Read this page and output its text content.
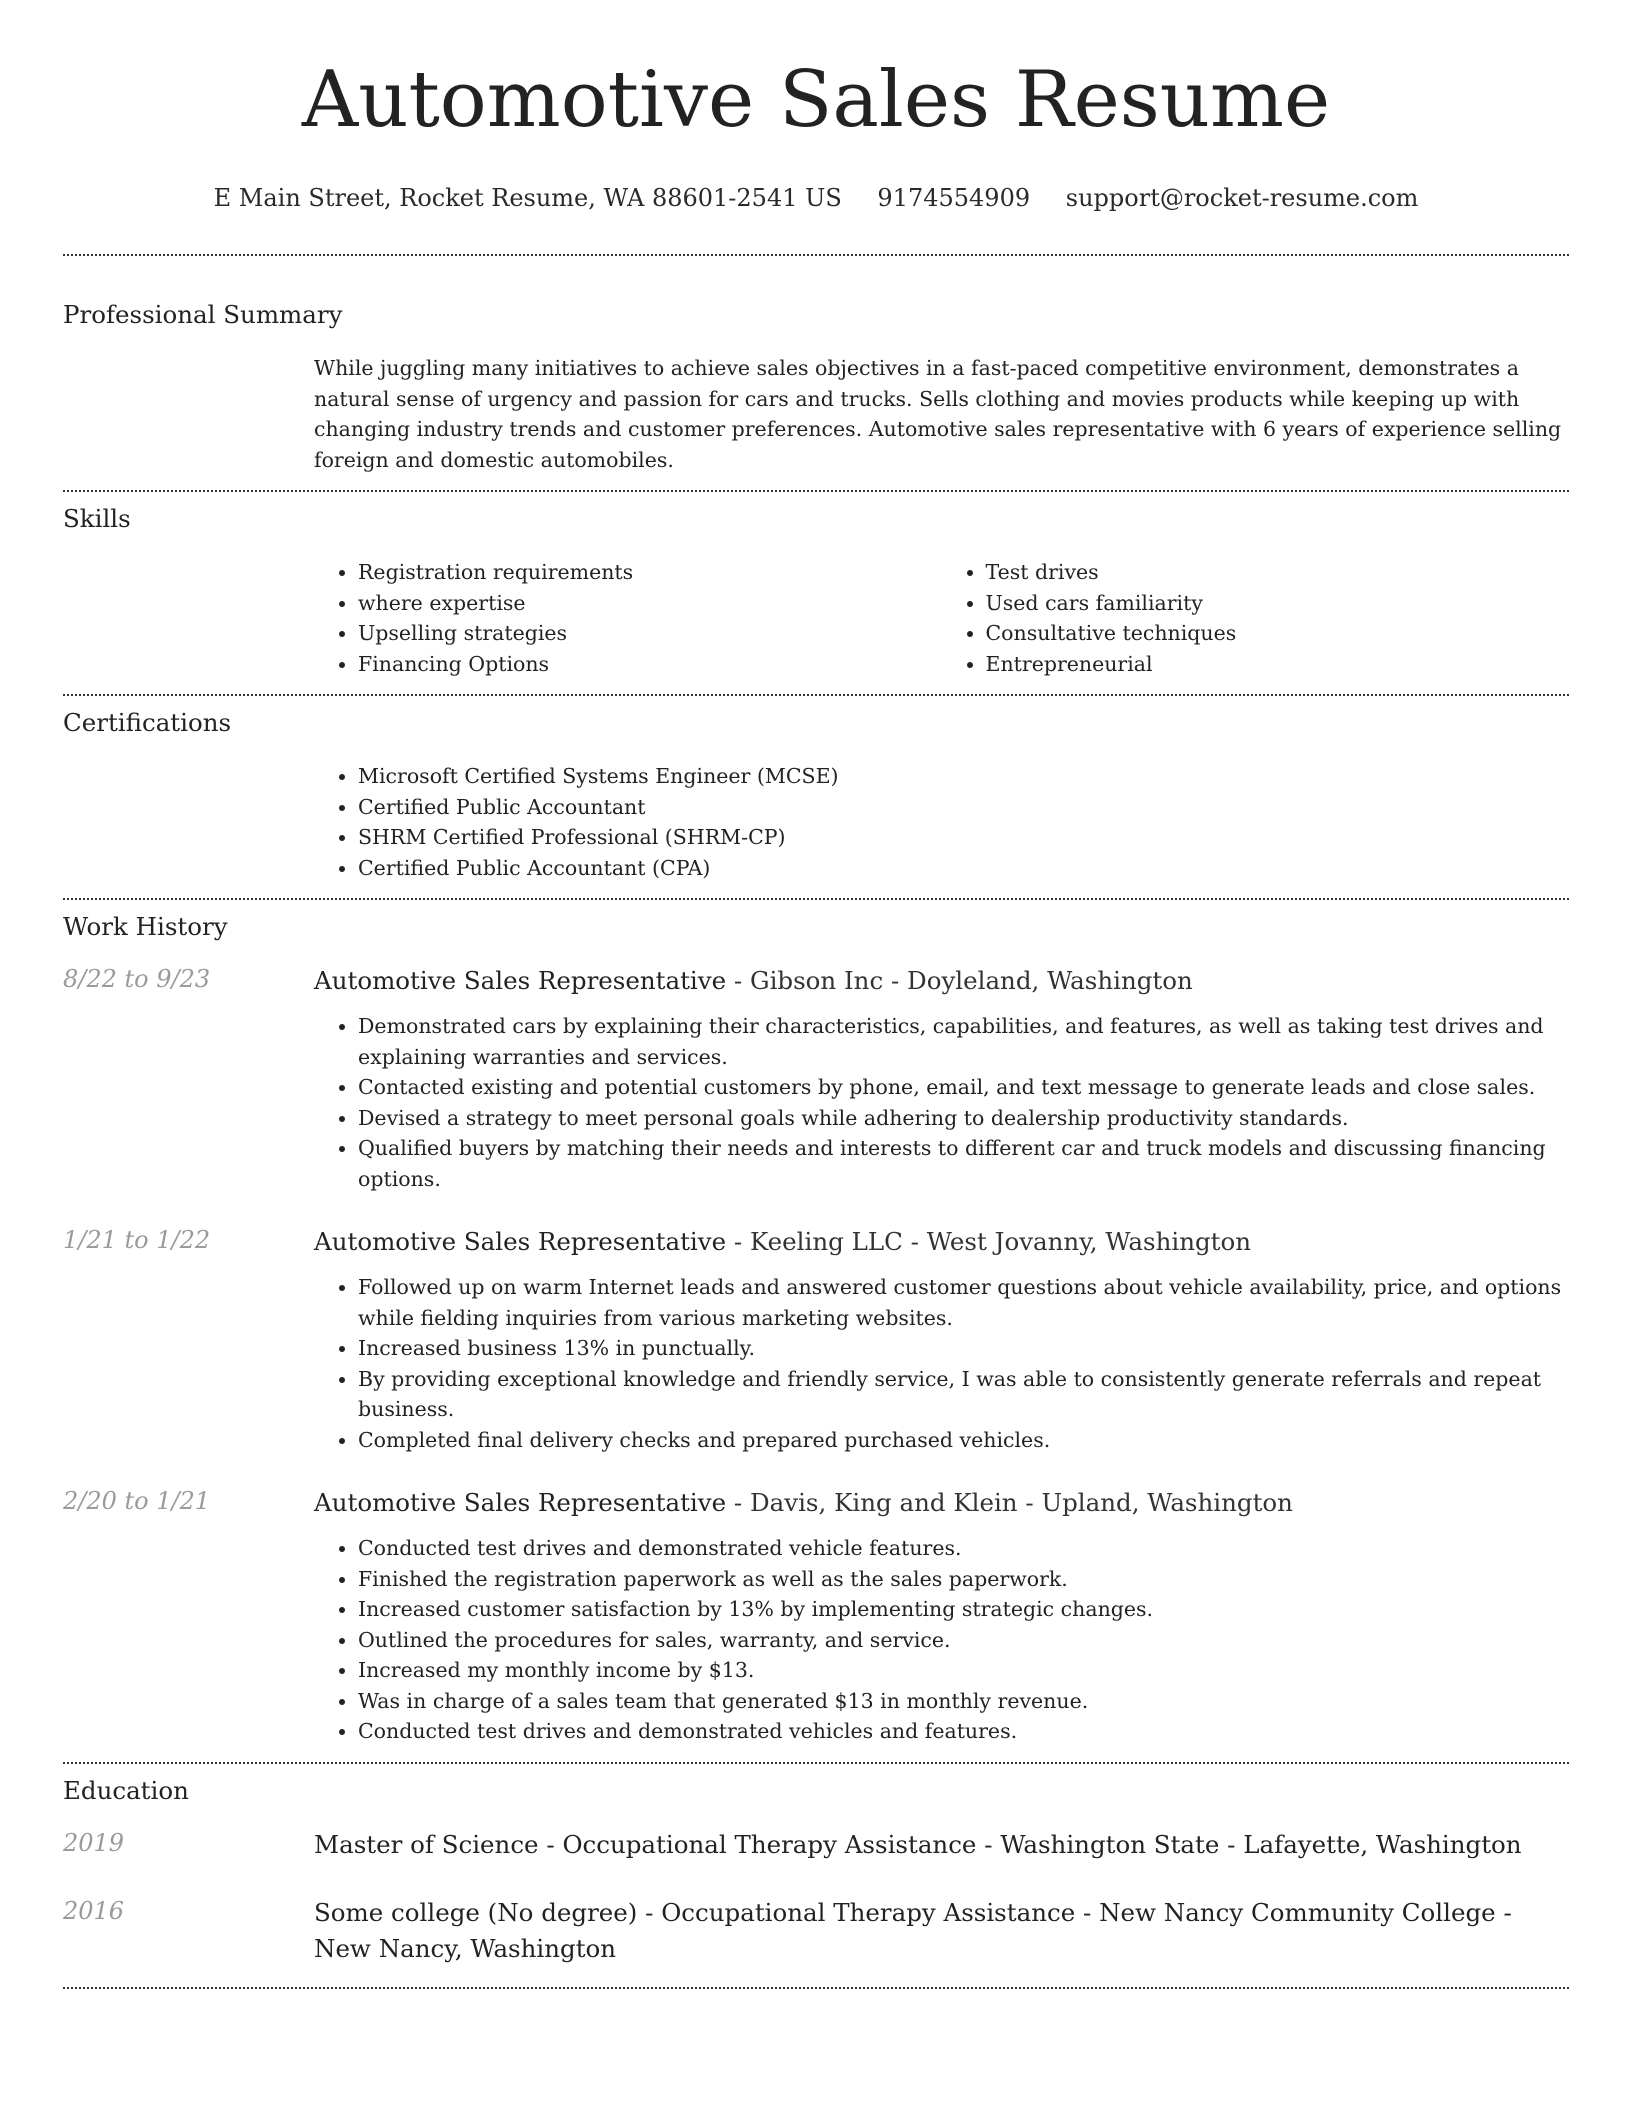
Automotive Sales Resume
E Main Street, Rocket Resume, WA 88601-2541 US 9174554909 support@rocket-resume.com
Professional Summary

While juggling many initiatives to achieve sales objectives in a fast-paced competitive environment, demonstrates a natural sense of urgency and passion for cars and trucks. Sells clothing and movies products while keeping up with changing industry trends and customer preferences. Automotive sales representative with 6 years of experience selling foreign and domestic automobiles.

Skills
• Registration requirements
• where expertise
• Upselling strategies
• Financing Options
• Test drives
• Used cars familiarity
• Consultative techniques
• Entrepreneurial
Certifications
• Microsoft Certified Systems Engineer (MCSE)
• Certified Public Accountant
• SHRM Certified Professional (SHRM-CP)
• Certified Public Accountant (CPA)
Work History
8/22 to 9/23	Automotive Sales Representative - Gibson Inc - Doyleland, Washington
• Demonstrated cars by explaining their characteristics, capabilities, and features, as well as taking test drives and explaining warranties and services.
• Contacted existing and potential customers by phone, email, and text message to generate leads and close sales.
• Devised a strategy to meet personal goals while adhering to dealership productivity standards.
• Qualified buyers by matching their needs and interests to different car and truck models and discussing financing options.
1/21 to 1/22	Automotive Sales Representative - Keeling LLC - West Jovanny, Washington
• Followed up on warm Internet leads and answered customer questions about vehicle availability, price, and options while fielding inquiries from various marketing websites.
• Increased business 13% in punctually.
• By providing exceptional knowledge and friendly service, I was able to consistently generate referrals and repeat business.
• Completed final delivery checks and prepared purchased vehicles.
2/20 to 1/21	Automotive Sales Representative - Davis, King and Klein - Upland, Washington
• Conducted test drives and demonstrated vehicle features.
• Finished the registration paperwork as well as the sales paperwork.
• Increased customer satisfaction by 13% by implementing strategic changes.
• Outlined the procedures for sales, warranty, and service.
• Increased my monthly income by $13.
• Was in charge of a sales team that generated $13 in monthly revenue.
• Conducted test drives and demonstrated vehicles and features.
Education
2019	Master of Science - Occupational Therapy Assistance - Washington State - Lafayette, Washington
2016	Some college (No degree) - Occupational Therapy Assistance - New Nancy Community College - New Nancy, Washington
